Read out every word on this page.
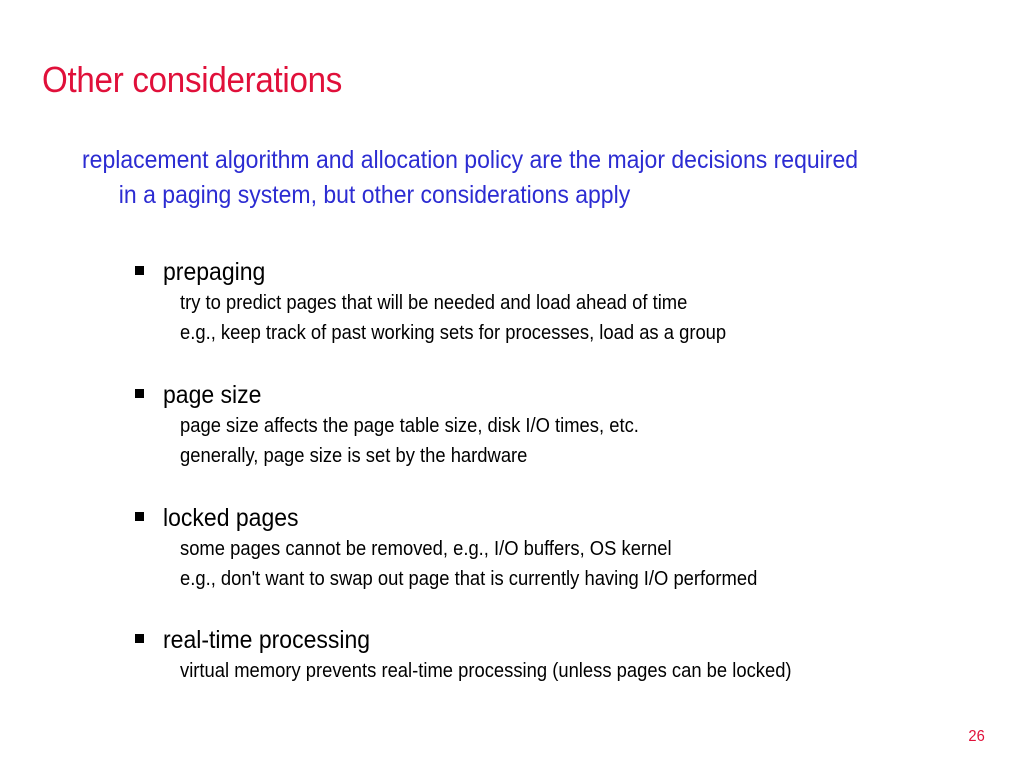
Other considerations
replacement algorithm and allocation policy are the major decisions required
in a paging system, but other considerations apply
prepaging
try to predict pages that will be needed and load ahead of time
e.g., keep track of past working sets for processes, load as a group
page size
page size affects the page table size, disk I/O times, etc.
generally, page size is set by the hardware
locked pages
some pages cannot be removed, e.g., I/O buffers, OS kernel
e.g., don't want to swap out page that is currently having I/O performed
real-time processing
virtual memory prevents real-time processing (unless pages can be locked)
26
